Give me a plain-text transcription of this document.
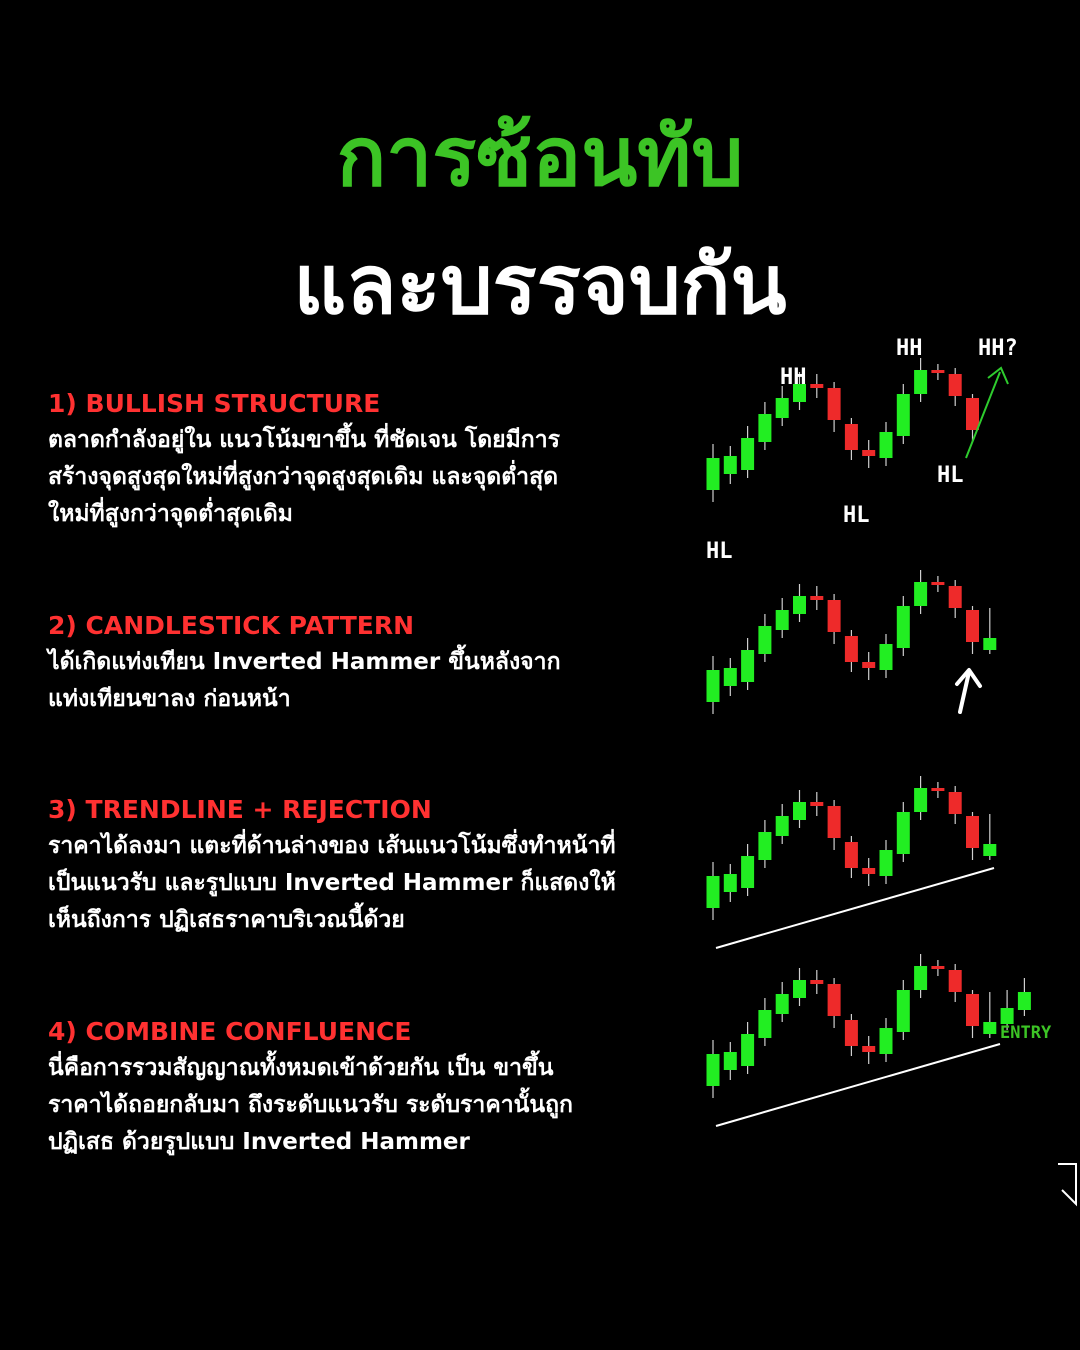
การซ้อนทับ
และบรรจบกัน
1) BULLISH STRUCTURE
ตลาดกำลังอยู่ใน แนวโน้มขาขึ้น ที่ชัดเจน โดยมีการ
สร้างจุดสูงสุดใหม่ที่สูงกว่าจุดสูงสุดเดิม และจุดต่ำสุด
ใหม่ที่สูงกว่าจุดต่ำสุดเดิม
2) CANDLESTICK PATTERN
ได้เกิดแท่งเทียน Inverted Hammer ขึ้นหลังจาก
แท่งเทียนขาลง ก่อนหน้า
3) TRENDLINE + REJECTION
ราคาได้ลงมา แตะที่ด้านล่างของ เส้นแนวโน้มซึ่งทำหน้าที่
เป็นแนวรับ และรูปแบบ Inverted Hammer ก็แสดงให้
เห็นถึงการ ปฏิเสธราคาบริเวณนี้ด้วย
4) COMBINE CONFLUENCE
นี่คือการรวมสัญญาณทั้งหมดเข้าด้วยกัน เป็น ขาขึ้น
ราคาได้ถอยกลับมา ถึงระดับแนวรับ ระดับราคานั้นถูก
ปฏิเสธ ด้วยรูปแบบ Inverted Hammer
HH
HH	HH?
HL
HL
HL
ENTRY
